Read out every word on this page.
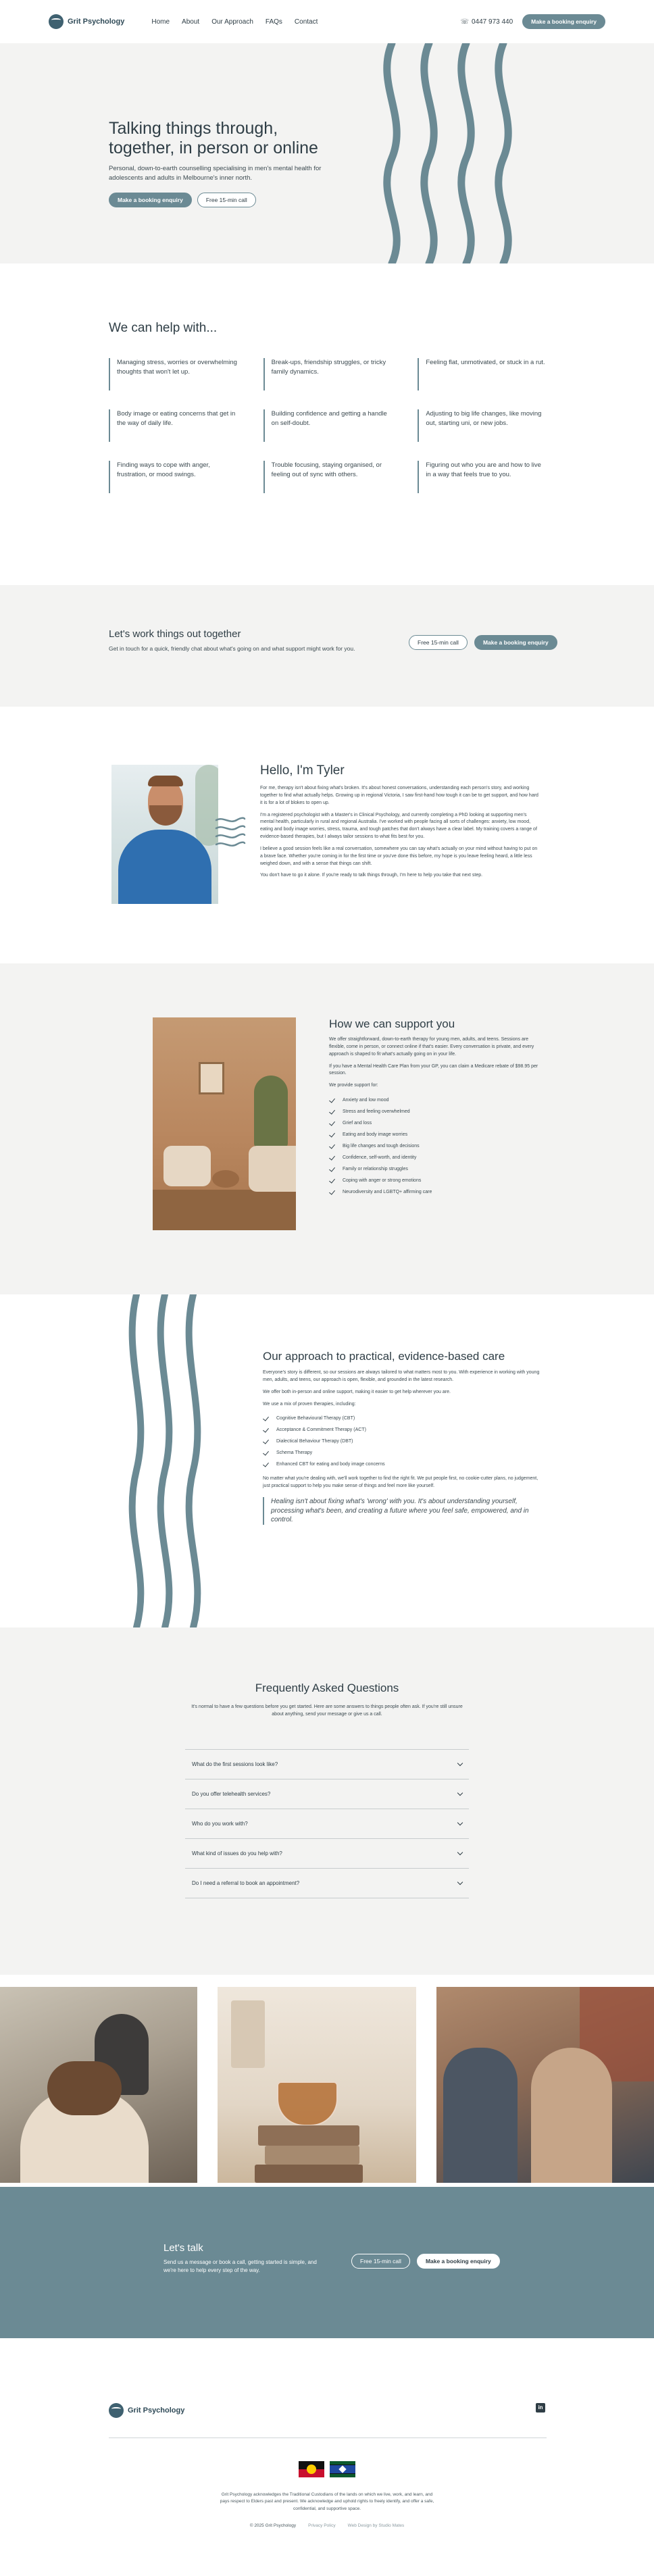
Grit Psychology	Home About Our Approach FAQs Contact	☏ 0447 973 440	Make a booking enquiry
Talking things through, together, in person or online

Personal, down-to-earth counselling specialising in men's mental health for adolescents and adults in Melbourne's inner north.

Make a booking enquiry	Free 15-min call
We can help with...
Managing stress, worries or overwhelming thoughts that won't let up.
Break-ups, friendship struggles, or tricky family dynamics.
Feeling flat, unmotivated, or stuck in a rut.
Body image or eating concerns that get in the way of daily life.
Building confidence and getting a handle on self-doubt.
Adjusting to big life changes, like moving out, starting uni, or new jobs.
Finding ways to cope with anger, frustration, or mood swings.
Trouble focusing, staying organised, or feeling out of sync with others.
Figuring out who you are and how to live in a way that feels true to you.
Let's work things out together

Get in touch for a quick, friendly chat about what's going on and what support might work for you.

Free 15-min call	Make a booking enquiry
Hello, I'm Tyler

For me, therapy isn't about fixing what's broken. It's about honest conversations, understanding each person's story, and working together to find what actually helps. Growing up in regional Victoria, I saw first-hand how tough it can be to get support, and how hard it is for a lot of blokes to open up.

I'm a registered psychologist with a Master's in Clinical Psychology, and currently completing a PhD looking at supporting men's mental health, particularly in rural and regional Australia. I've worked with people facing all sorts of challenges: anxiety, low mood, eating and body image worries, stress, trauma, and tough patches that don't always have a clear label. My training covers a range of evidence-based therapies, but I always tailor sessions to what fits best for you.

I believe a good session feels like a real conversation, somewhere you can say what's actually on your mind without having to put on a brave face. Whether you're coming in for the first time or you've done this before, my hope is you leave feeling heard, a little less weighed down, and with a sense that things can shift.

You don't have to go it alone. If you're ready to talk things through, I'm here to help you take that next step.

How we can support you

We offer straightforward, down-to-earth therapy for young men, adults, and teens. Sessions are flexible, come in person, or connect online if that's easier. Every conversation is private, and every approach is shaped to fit what's actually going on in your life.

If you have a Mental Health Care Plan from your GP, you can claim a Medicare rebate of $98.95 per session.

We provide support for:

Anxiety and low mood
Stress and feeling overwhelmed
Grief and loss
Eating and body image worries
Big life changes and tough decisions
Confidence, self-worth, and identity
Family or relationship struggles
Coping with anger or strong emotions
Neurodiversity and LGBTQ+ affirming care
Our approach to practical, evidence-based care

Everyone's story is different, so our sessions are always tailored to what matters most to you. With experience in working with young men, adults, and teens, our approach is open, flexible, and grounded in the latest research.

We offer both in-person and online support, making it easier to get help wherever you are.

We use a mix of proven therapies, including:

Cognitive Behavioural Therapy (CBT)
Acceptance & Commitment Therapy (ACT)
Dialectical Behaviour Therapy (DBT)
Schema Therapy
Enhanced CBT for eating and body image concerns

No matter what you're dealing with, we'll work together to find the right fit. We put people first, no cookie-cutter plans, no judgement, just practical support to help you make sense of things and feel more like yourself.

Healing isn't about fixing what's 'wrong' with you. It's about understanding yourself, processing what's been, and creating a future where you feel safe, empowered, and in control.
Frequently Asked Questions

It's normal to have a few questions before you get started. Here are some answers to things people often ask. If you're still unsure about anything, send your message or give us a call.

What do the first sessions look like?
Do you offer telehealth services?
Who do you work with?
What kind of issues do you help with?
Do I need a referral to book an appointment?
Let's talk

Send us a message or book a call, getting started is simple, and we're here to help every step of the way.

Free 15-min call	Make a booking enquiry
Grit Psychology	in

Grit Psychology acknowledges the Traditional Custodians of the lands on which we live, work, and learn, and pays respect to Elders past and present. We acknowledge and uphold rights to freely identify, and offer a safe, confidential, and supportive space.

© 2025 Grit Psychology	Privacy Policy	Web Design by Studio Mates
